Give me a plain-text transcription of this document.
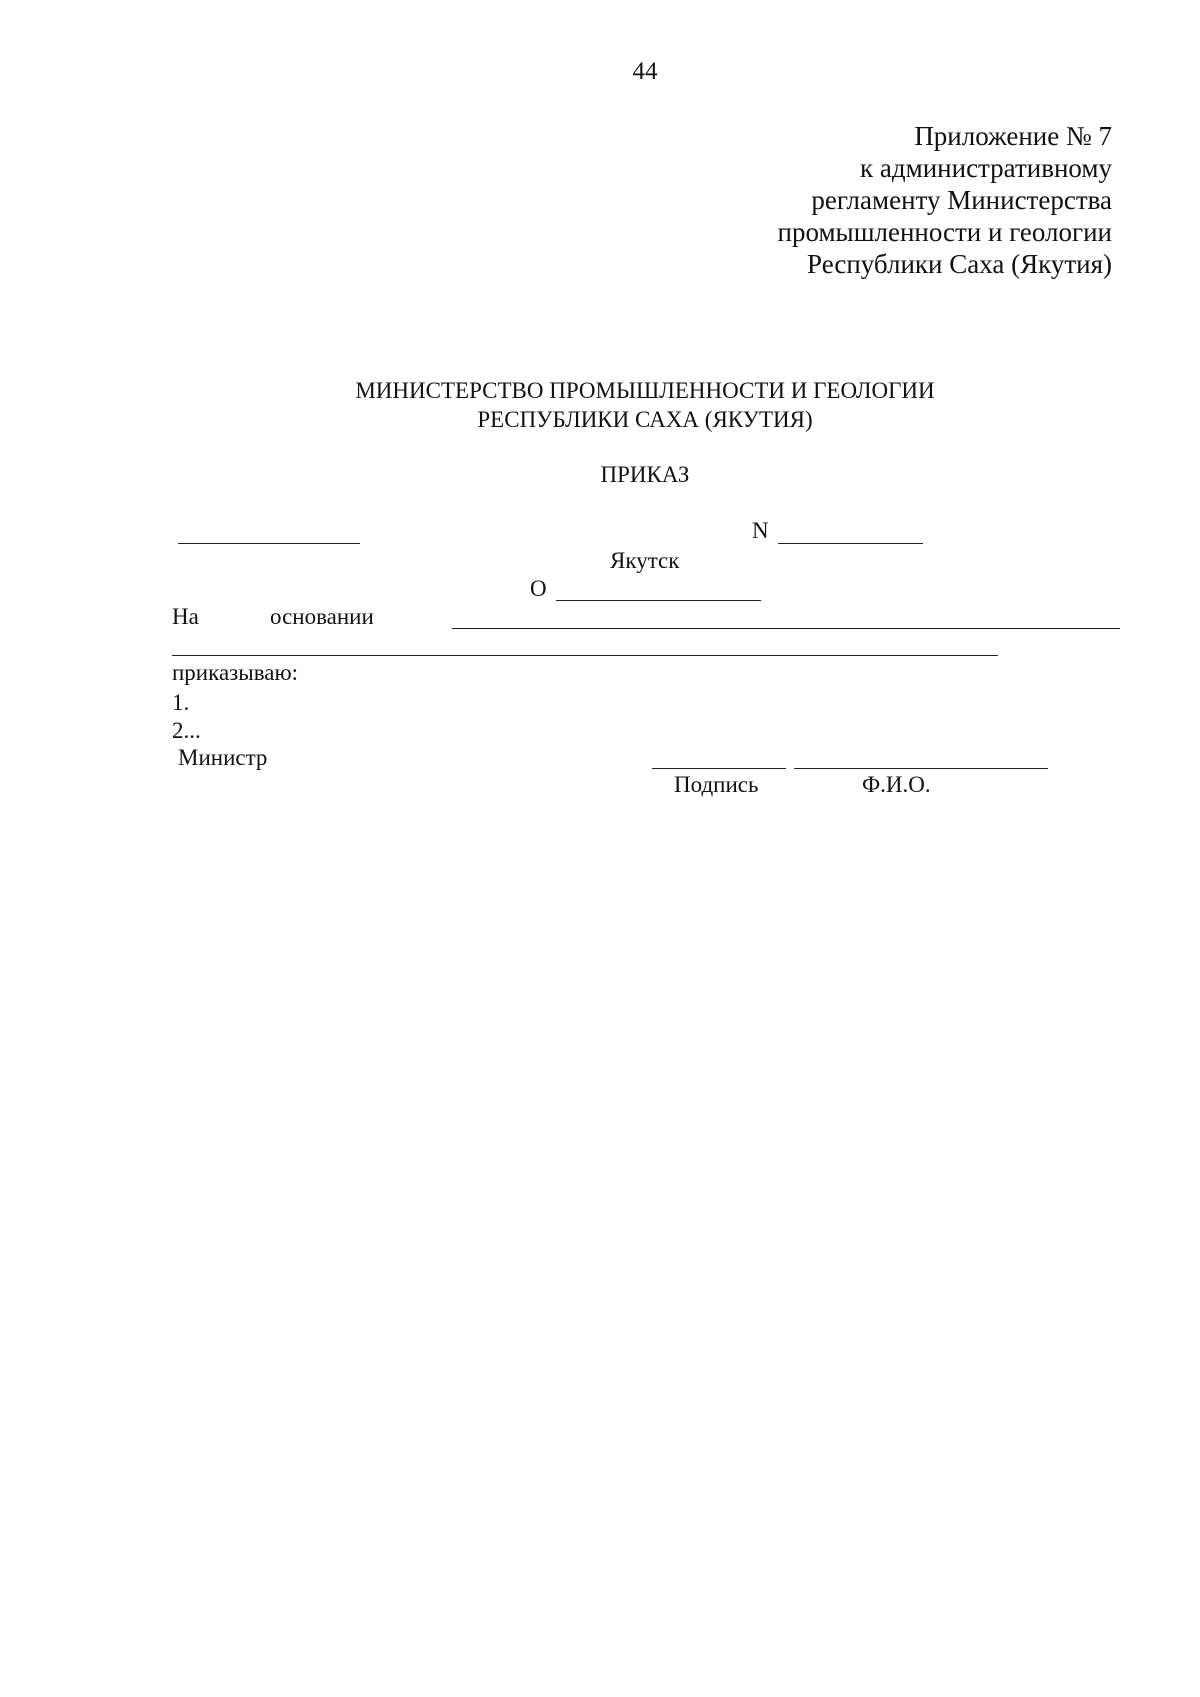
44
Приложение № 7
к административному
регламенту Министерства
промышленности и геологии
Республики Саха (Якутия)
МИНИСТЕРСТВО ПРОМЫШЛЕННОСТИ И ГЕОЛОГИИ
РЕСПУБЛИКИ САХА (ЯКУТИЯ)
ПРИКАЗ
N
Якутск
О
На	основании
приказываю:
1.
2...
Министр
Подпись	Ф.И.О.
